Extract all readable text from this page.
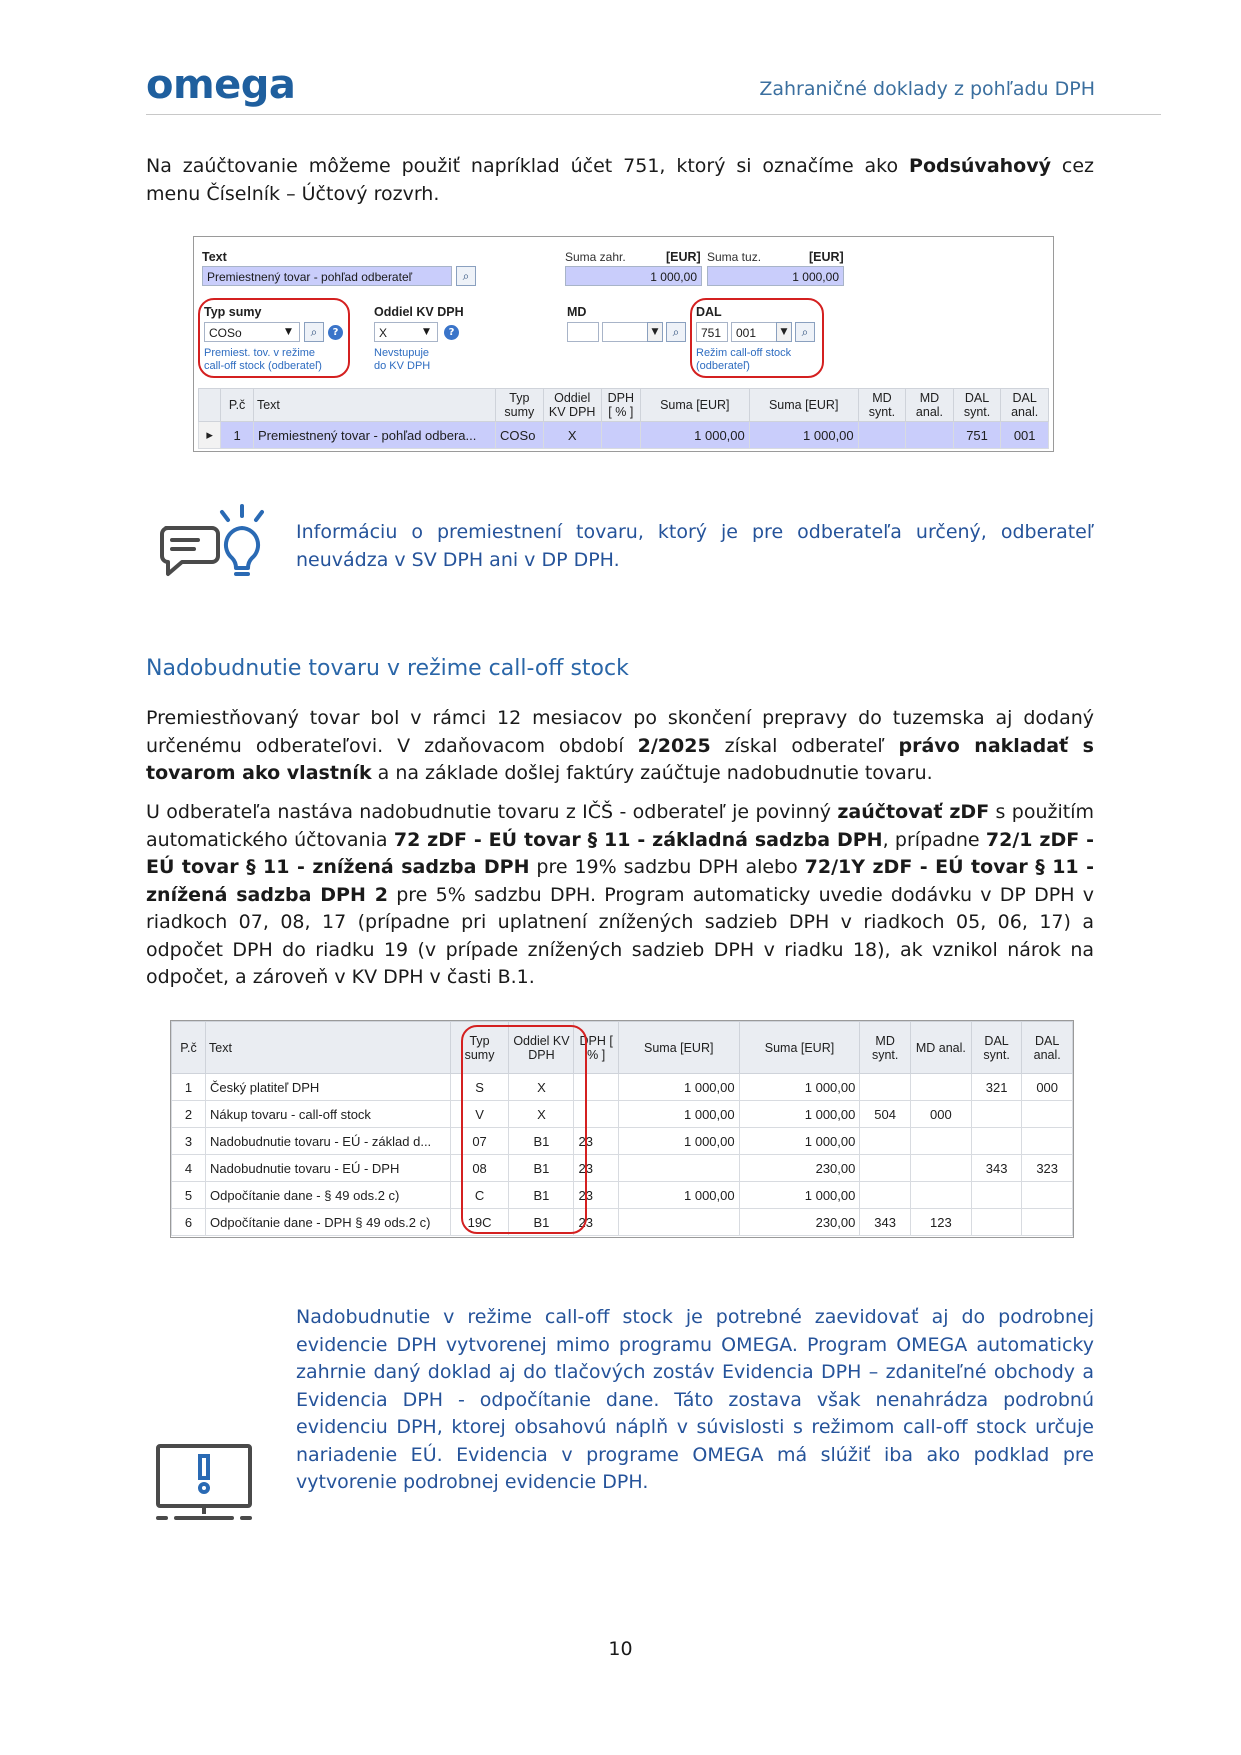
omega	Zahraničné doklady z pohľadu DPH
Na zaúčtovanie môžeme použiť napríklad účet 751, ktorý si označíme ako Podsúvahový cez menu Číselník – Účtový rozvrh.
Text
Premiestnený tovar - pohľad odberateľ	⌕
Suma zahr.	[EUR]
1 000,00
Suma tuz.	[EUR]
1 000,00
Typ sumy
COSo	▼	⌕	?
Premiest. tov. v režime
call-off stock (odberateľ)
Oddiel KV DPH
X	▼	?
Nevstupuje
do KV DPH
MD
▼	⌕
DAL
751	001	▼	⌕
Režim call-off stock
(odberateľ)
	P.č	Text	Typ sumy	Oddiel KV DPH	DPH [ % ]	Suma [EUR]	Suma [EUR]	MD synt.	MD anal.	DAL synt.	DAL anal.
▸	1	Premiestnený tovar - pohľad odbera...	COSo	X		1 000,00	1 000,00			751	001
Informáciu o premiestnení tovaru, ktorý je pre odberateľa určený, odberateľ neuvádza v SV DPH ani v DP DPH.
Nadobudnutie tovaru v režime call-off stock
Premiestňovaný tovar bol v rámci 12 mesiacov po skončení prepravy do tuzemska aj dodaný určenému odberateľovi. V zdaňovacom období 2/2025 získal odberateľ právo nakladať s tovarom ako vlastník a na základe došlej faktúry zaúčtuje nadobudnutie tovaru.
U odberateľa nastáva nadobudnutie tovaru z IČŠ - odberateľ je povinný zaúčtovať zDF s použitím automatického účtovania 72 zDF - EÚ tovar § 11 - základná sadzba DPH, prípadne 72/1 zDF - EÚ tovar § 11 - znížená sadzba DPH pre 19% sadzbu DPH alebo 72/1Y zDF - EÚ tovar § 11 - znížená sadzba DPH 2 pre 5% sadzbu DPH. Program automaticky uvedie dodávku v DP DPH v riadkoch 07, 08, 17 (prípadne pri uplatnení znížených sadzieb DPH v riadkoch 05, 06, 17) a odpočet DPH do riadku 19 (v prípade znížených sadzieb DPH v riadku 18), ak vznikol nárok na odpočet, a zároveň v KV DPH v časti B.1.
P.č	Text	Typ sumy	Oddiel KV DPH	DPH [ % ]	Suma [EUR]	Suma [EUR]	MD synt.	MD anal.	DAL synt.	DAL anal.
1	Český platiteľ DPH	S	X		1 000,00	1 000,00			321	000
2	Nákup tovaru - call-off stock	V	X		1 000,00	1 000,00	504	000		
3	Nadobudnutie tovaru - EÚ - základ d...	07	B1	23	1 000,00	1 000,00				
4	Nadobudnutie tovaru - EÚ - DPH	08	B1	23		230,00			343	323
5	Odpočítanie dane - § 49 ods.2 c)	C	B1	23	1 000,00	1 000,00				
6	Odpočítanie dane - DPH § 49 ods.2 c)	19C	B1	23		230,00	343	123		
Nadobudnutie v režime call-off stock je potrebné zaevidovať aj do podrobnej evidencie DPH vytvorenej mimo programu OMEGA. Program OMEGA automaticky zahrnie daný doklad aj do tlačových zostáv Evidencia DPH – zdaniteľné obchody a Evidencia DPH - odpočítanie dane. Táto zostava však nenahrádza podrobnú evidenciu DPH, ktorej obsahovú náplň v súvislosti s režimom call-off stock určuje nariadenie EÚ. Evidencia v programe OMEGA má slúžiť iba ako podklad pre vytvorenie podrobnej evidencie DPH.
10
